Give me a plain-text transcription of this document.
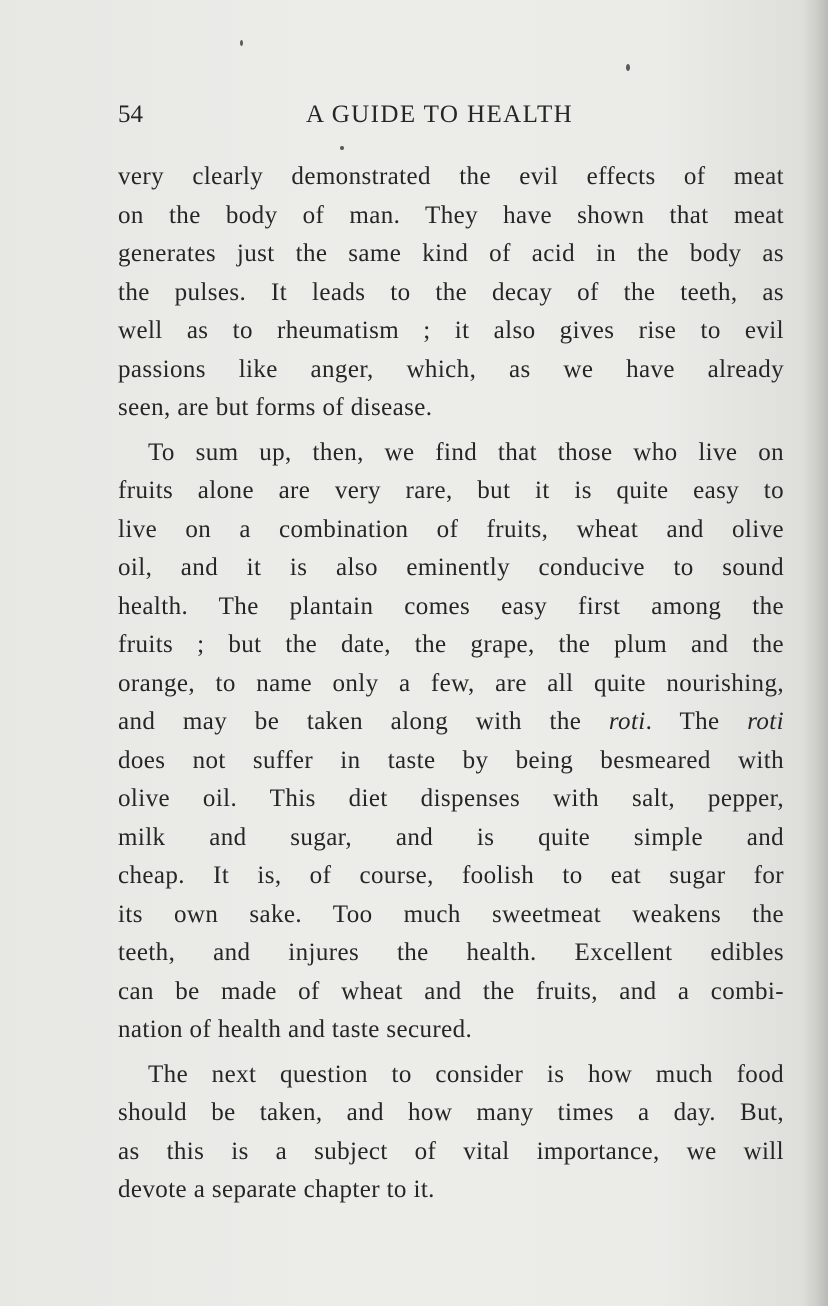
54	A GUIDE TO HEALTH
very clearly demonstrated the evil effects of meat
on the body of man. They have shown that meat
generates just the same kind of acid in the body as
the pulses. It leads to the decay of the teeth, as
well as to rheumatism ; it also gives rise to evil
passions like anger, which, as we have already
seen, are but forms of disease.
To sum up, then, we find that those who live on
fruits alone are very rare, but it is quite easy to
live on a combination of fruits, wheat and olive
oil, and it is also eminently conducive to sound
health. The plantain comes easy first among the
fruits ; but the date, the grape, the plum and the
orange, to name only a few, are all quite nourishing,
and may be taken along with the roti. The roti
does not suffer in taste by being besmeared with
olive oil. This diet dispenses with salt, pepper,
milk and sugar, and is quite simple and
cheap. It is, of course, foolish to eat sugar for
its own sake. Too much sweetmeat weakens the
teeth, and injures the health. Excellent edibles
can be made of wheat and the fruits, and a combi-
nation of health and taste secured.
The next question to consider is how much food
should be taken, and how many times a day. But,
as this is a subject of vital importance, we will
devote a separate chapter to it.
